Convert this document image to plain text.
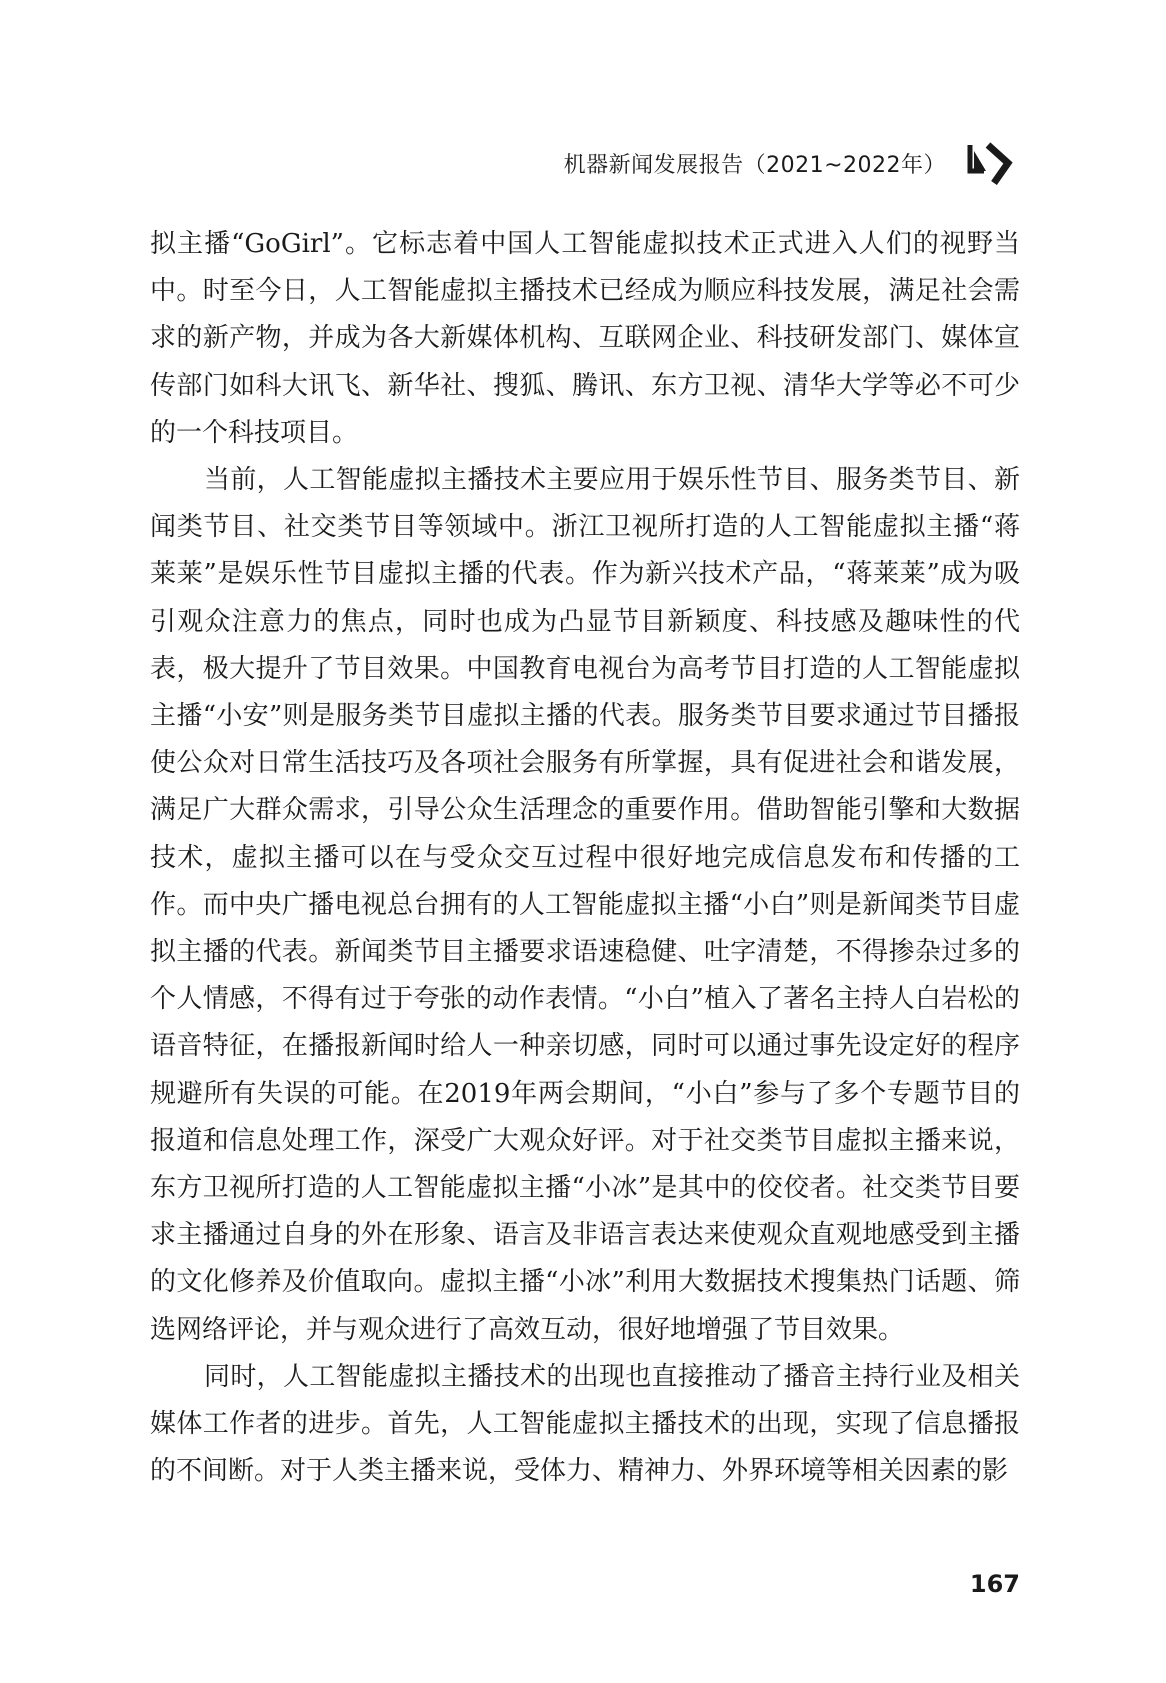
机器新闻发展报告（2021~2022年）

拟主播“GoGirl”。它标志着中国人工智能虚拟技术正式进入人们的视野当中。时至今日，人工智能虚拟主播技术已经成为顺应科技发展，满足社会需求的新产物，并成为各大新媒体机构、互联网企业、科技研发部门、媒体宣传部门如科大讯飞、新华社、搜狐、腾讯、东方卫视、清华大学等必不可少的一个科技项目。

当前，人工智能虚拟主播技术主要应用于娱乐性节目、服务类节目、新闻类节目、社交类节目等领域中。浙江卫视所打造的人工智能虚拟主播“蒋莱莱”是娱乐性节目虚拟主播的代表。作为新兴技术产品，“蒋莱莱”成为吸引观众注意力的焦点，同时也成为凸显节目新颖度、科技感及趣味性的代表，极大提升了节目效果。中国教育电视台为高考节目打造的人工智能虚拟主播“小安”则是服务类节目虚拟主播的代表。服务类节目要求通过节目播报使公众对日常生活技巧及各项社会服务有所掌握，具有促进社会和谐发展，满足广大群众需求，引导公众生活理念的重要作用。借助智能引擎和大数据技术，虚拟主播可以在与受众交互过程中很好地完成信息发布和传播的工作。而中央广播电视总台拥有的人工智能虚拟主播“小白”则是新闻类节目虚拟主播的代表。新闻类节目主播要求语速稳健、吐字清楚，不得掺杂过多的个人情感，不得有过于夸张的动作表情。“小白”植入了著名主持人白岩松的语音特征，在播报新闻时给人一种亲切感，同时可以通过事先设定好的程序规避所有失误的可能。在2019年两会期间，“小白”参与了多个专题节目的报道和信息处理工作，深受广大观众好评。对于社交类节目虚拟主播来说，东方卫视所打造的人工智能虚拟主播“小冰”是其中的佼佼者。社交类节目要求主播通过自身的外在形象、语言及非语言表达来使观众直观地感受到主播的文化修养及价值取向。虚拟主播“小冰”利用大数据技术搜集热门话题、筛选网络评论，并与观众进行了高效互动，很好地增强了节目效果。

同时，人工智能虚拟主播技术的出现也直接推动了播音主持行业及相关媒体工作者的进步。首先，人工智能虚拟主播技术的出现，实现了信息播报的不间断。对于人类主播来说，受体力、精神力、外界环境等相关因素的影

167
